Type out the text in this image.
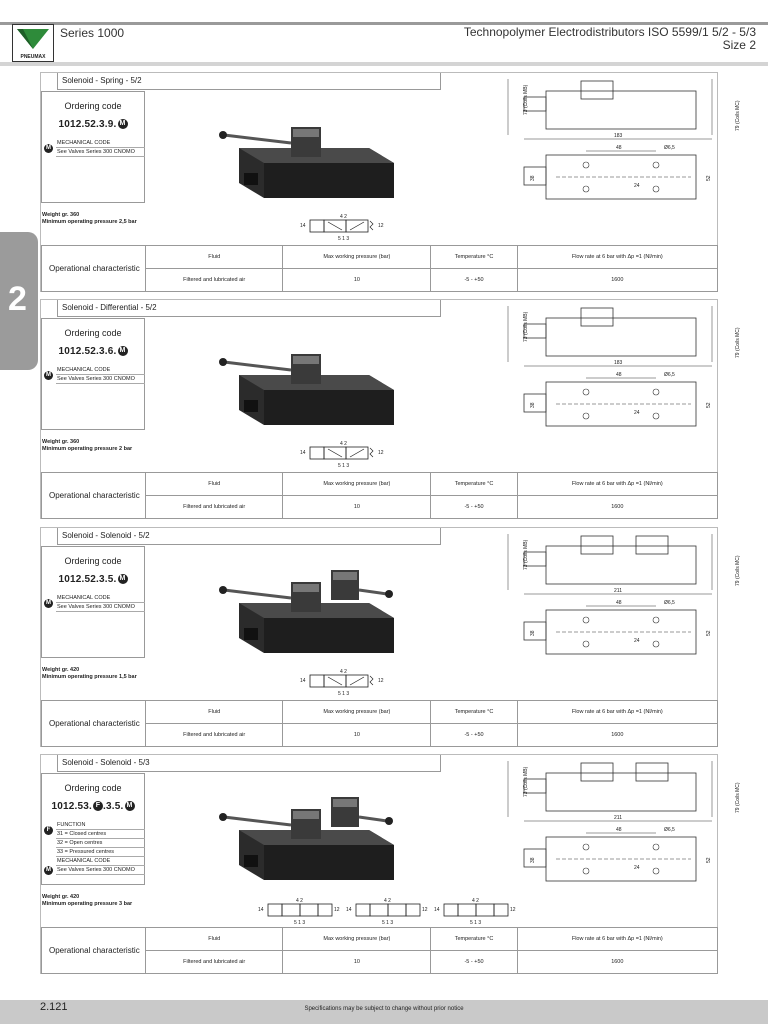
PNEUMAX
Series 1000	Technopolymer Electrodistributors ISO 5599/1 5/2 - 5/3
Size 2
2
Solenoid - Spring - 5/2
Ordering code
1012.52.3.9. M
MECHANICAL CODE
See Valves Series 300 CNOMO
M
Weight gr. 360
Minimum operating pressure 2,5 bar
14
4 2
5 1 3
12
73 (Coils MB)
79 (Coils MC)
183
48	Ø6,5
24
38	52
Operational characteristic	Fluid	Max working pressure (bar)	Temperature °C	Flow rate at 6 bar with Δp =1 (Nl/min)
	Filtered and lubricated air	10	-5 - +50	1600
Solenoid - Differential - 5/2
Ordering code
1012.52.3.6. M
MECHANICAL CODE
See Valves Series 300 CNOMO
M
Weight gr. 360
Minimum operating pressure 2 bar
14
4 2
5 1 3
12
73 (Coils MB)
79 (Coils MC)
183
48	Ø6,5
24
38	52
Operational characteristic	Fluid	Max working pressure (bar)	Temperature °C	Flow rate at 6 bar with Δp =1 (Nl/min)
	Filtered and lubricated air	10	-5 - +50	1600
Solenoid - Solenoid - 5/2
Ordering code
1012.52.3.5. M
MECHANICAL CODE
See Valves Series 300 CNOMO
M
Weight gr. 420
Minimum operating pressure 1,5 bar
14
4 2
5 1 3
12
73 (Coils MB)
79 (Coils MC)
211
48	Ø6,5
24
38	52
Operational characteristic	Fluid	Max working pressure (bar)	Temperature °C	Flow rate at 6 bar with Δp =1 (Nl/min)
	Filtered and lubricated air	10	-5 - +50	1600
Solenoid - Solenoid - 5/3
Ordering code
1012.53. F .3.5. M
FUNCTION
31 = Closed centres
32 = Open centres
33 = Pressured centres
MECHANICAL CODE
See Valves Series 300 CNOMO
F
M
Weight gr. 420
Minimum operating pressure 3 bar
14
4 2
5 1 3
12 14
4 2
5 1 3
12 14
4 2
5 1 3
12
73 (Coils MB)
79 (Coils MC)
211
48	Ø6,5
24
38	52
Operational characteristic	Fluid	Max working pressure (bar)	Temperature °C	Flow rate at 6 bar with Δp =1 (Nl/min)
	Filtered and lubricated air	10	-5 - +50	1600
2.121	Specifications may be subject to change without prior notice
